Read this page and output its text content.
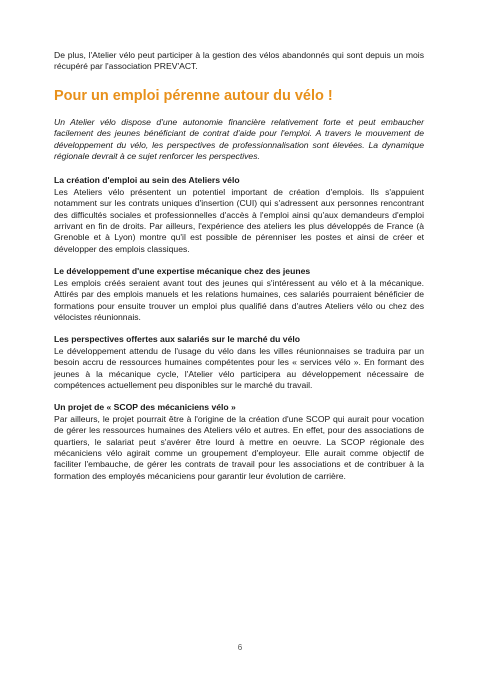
De plus, l'Atelier vélo peut participer à la gestion des vélos abandonnés qui sont depuis un mois récupéré par l'association PREV'ACT.

Pour un emploi pérenne autour du vélo !

Un Atelier vélo dispose d'une autonomie financière relativement forte et peut embaucher facilement des jeunes bénéficiant de contrat d'aide pour l'emploi. A travers le mouvement de développement du vélo, les perspectives de professionnalisation sont élevées. La dynamique régionale devrait à ce sujet renforcer les perspectives.

La création d'emploi au sein des Ateliers vélo

Les Ateliers vélo présentent un potentiel important de création d'emplois. Ils s'appuient notamment sur les contrats uniques d'insertion (CUI) qui s'adressent aux personnes rencontrant des difficultés sociales et professionnelles d'accès à l'emploi ainsi qu'aux demandeurs d'emploi arrivant en fin de droits. Par ailleurs, l'expérience des ateliers les plus développés de France (à Grenoble et à Lyon) montre qu'il est possible de pérenniser les postes et ainsi de créer et développer des emplois classiques.

Le développement d'une expertise mécanique chez des jeunes

Les emplois créés seraient avant tout des jeunes qui s'intéressent au vélo et à la mécanique. Attirés par des emplois manuels et les relations humaines, ces salariés pourraient bénéficier de formations pour ensuite trouver un emploi plus qualifié dans d'autres Ateliers vélo ou chez des vélocistes réunionnais.

Les perspectives offertes aux salariés sur le marché du vélo

Le développement attendu de l'usage du vélo dans les villes réunionnaises se traduira par un besoin accru de ressources humaines compétentes pour les « services vélo ». En formant des jeunes à la mécanique cycle, l'Atelier vélo participera au développement nécessaire de compétences actuellement peu disponibles sur le marché du travail.

Un projet de « SCOP des mécaniciens vélo »

Par ailleurs, le projet pourrait être à l'origine de la création d'une SCOP qui aurait pour vocation de gérer les ressources humaines des Ateliers vélo et autres. En effet, pour des associations de quartiers, le salariat peut s'avérer être lourd à mettre en oeuvre. La SCOP régionale des mécaniciens vélo agirait comme un groupement d'employeur. Elle aurait comme objectif de faciliter l'embauche, de gérer les contrats de travail pour les associations et de contribuer à la formation des employés mécaniciens pour garantir leur évolution de carrière.

6
